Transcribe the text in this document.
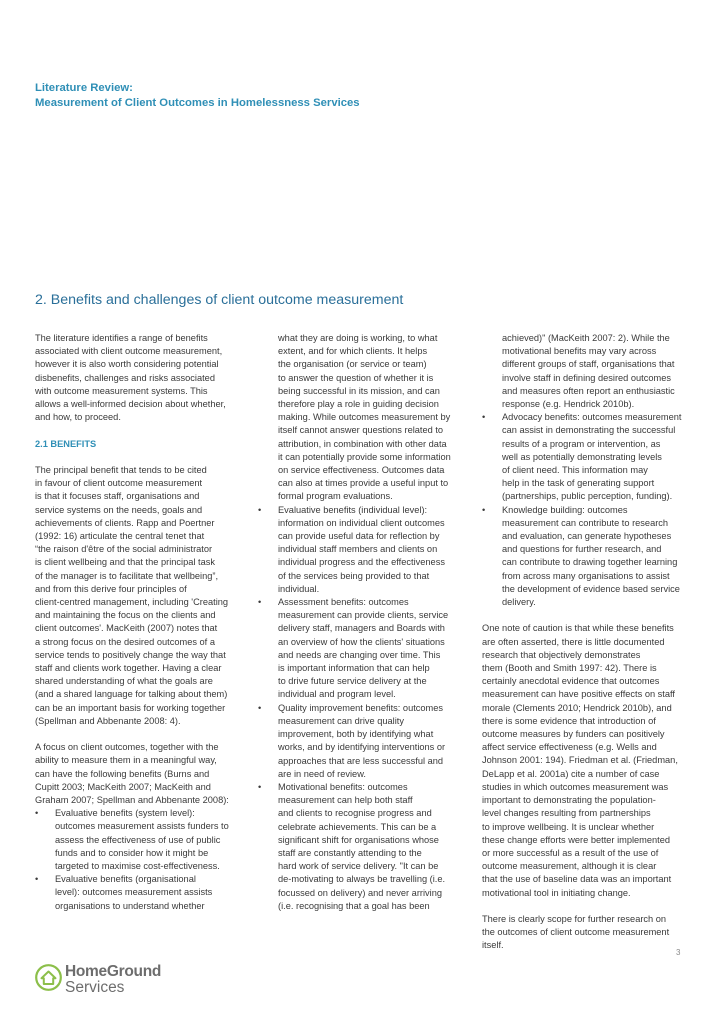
Literature Review:
Measurement of Client Outcomes in Homelessness Services
2. Benefits and challenges of client outcome measurement

The literature identifies a range of benefits
associated with client outcome measurement,
however it is also worth considering potential
disbenefits, challenges and risks associated
with outcome measurement systems. This
allows a well-informed decision about whether,
and how, to proceed.

2.1 BENEFITS

The principal benefit that tends to be cited
in favour of client outcome measurement
is that it focuses staff, organisations and
service systems on the needs, goals and
achievements of clients. Rapp and Poertner
(1992: 16) articulate the central tenet that
“the raison d'être of the social administrator
is client wellbeing and that the principal task
of the manager is to facilitate that wellbeing”,
and from this derive four principles of
client-centred management, including 'Creating
and maintaining the focus on the clients and
client outcomes'. MacKeith (2007) notes that
a strong focus on the desired outcomes of a
service tends to positively change the way that
staff and clients work together. Having a clear
shared understanding of what the goals are
(and a shared language for talking about them)
can be an important basis for working together
(Spellman and Abbenante 2008: 4).

A focus on client outcomes, together with the
ability to measure them in a meaningful way,
can have the following benefits (Burns and
Cupitt 2003; MacKeith 2007; MacKeith and
Graham 2007; Spellman and Abbenante 2008):

• Evaluative benefits (system level):
outcomes measurement assists funders to
assess the effectiveness of use of public
funds and to consider how it might be
targeted to maximise cost-effectiveness.

• Evaluative benefits (organisational
level): outcomes measurement assists
organisations to understand whether

what they are doing is working, to what
extent, and for which clients. It helps
the organisation (or service or team)
to answer the question of whether it is
being successful in its mission, and can
therefore play a role in guiding decision
making. While outcomes measurement by
itself cannot answer questions related to
attribution, in combination with other data
it can potentially provide some information
on service effectiveness. Outcomes data
can also at times provide a useful input to
formal program evaluations.

• Evaluative benefits (individual level):
information on individual client outcomes
can provide useful data for reflection by
individual staff members and clients on
individual progress and the effectiveness
of the services being provided to that
individual.

• Assessment benefits: outcomes
measurement can provide clients, service
delivery staff, managers and Boards with
an overview of how the clients' situations
and needs are changing over time. This
is important information that can help
to drive future service delivery at the
individual and program level.

• Quality improvement benefits: outcomes
measurement can drive quality
improvement, both by identifying what
works, and by identifying interventions or
approaches that are less successful and
are in need of review.

• Motivational benefits: outcomes
measurement can help both staff
and clients to recognise progress and
celebrate achievements. This can be a
significant shift for organisations whose
staff are constantly attending to the
hard work of service delivery. "It can be
de-motivating to always be travelling (i.e.
focussed on delivery) and never arriving
(i.e. recognising that a goal has been

achieved)" (MacKeith 2007: 2). While the
motivational benefits may vary across
different groups of staff, organisations that
involve staff in defining desired outcomes
and measures often report an enthusiastic
response (e.g. Hendrick 2010b).

• Advocacy benefits: outcomes measurement
can assist in demonstrating the successful
results of a program or intervention, as
well as potentially demonstrating levels
of client need. This information may
help in the task of generating support
(partnerships, public perception, funding).

• Knowledge building: outcomes
measurement can contribute to research
and evaluation, can generate hypotheses
and questions for further research, and
can contribute to drawing together learning
from across many organisations to assist
the development of evidence based service
delivery.

One note of caution is that while these benefits
are often asserted, there is little documented
research that objectively demonstrates
them (Booth and Smith 1997: 42). There is
certainly anecdotal evidence that outcomes
measurement can have positive effects on staff
morale (Clements 2010; Hendrick 2010b), and
there is some evidence that introduction of
outcome measures by funders can positively
affect service effectiveness (e.g. Wells and
Johnson 2001: 194). Friedman et al. (Friedman,
DeLapp et al. 2001a) cite a number of case
studies in which outcomes measurement was
important to demonstrating the population-
level changes resulting from partnerships
to improve wellbeing. It is unclear whether
these change efforts were better implemented
or more successful as a result of the use of
outcome measurement, although it is clear
that the use of baseline data was an important
motivational tool in initiating change.

There is clearly scope for further research on
the outcomes of client outcome measurement
itself.

HomeGround
Services
3
